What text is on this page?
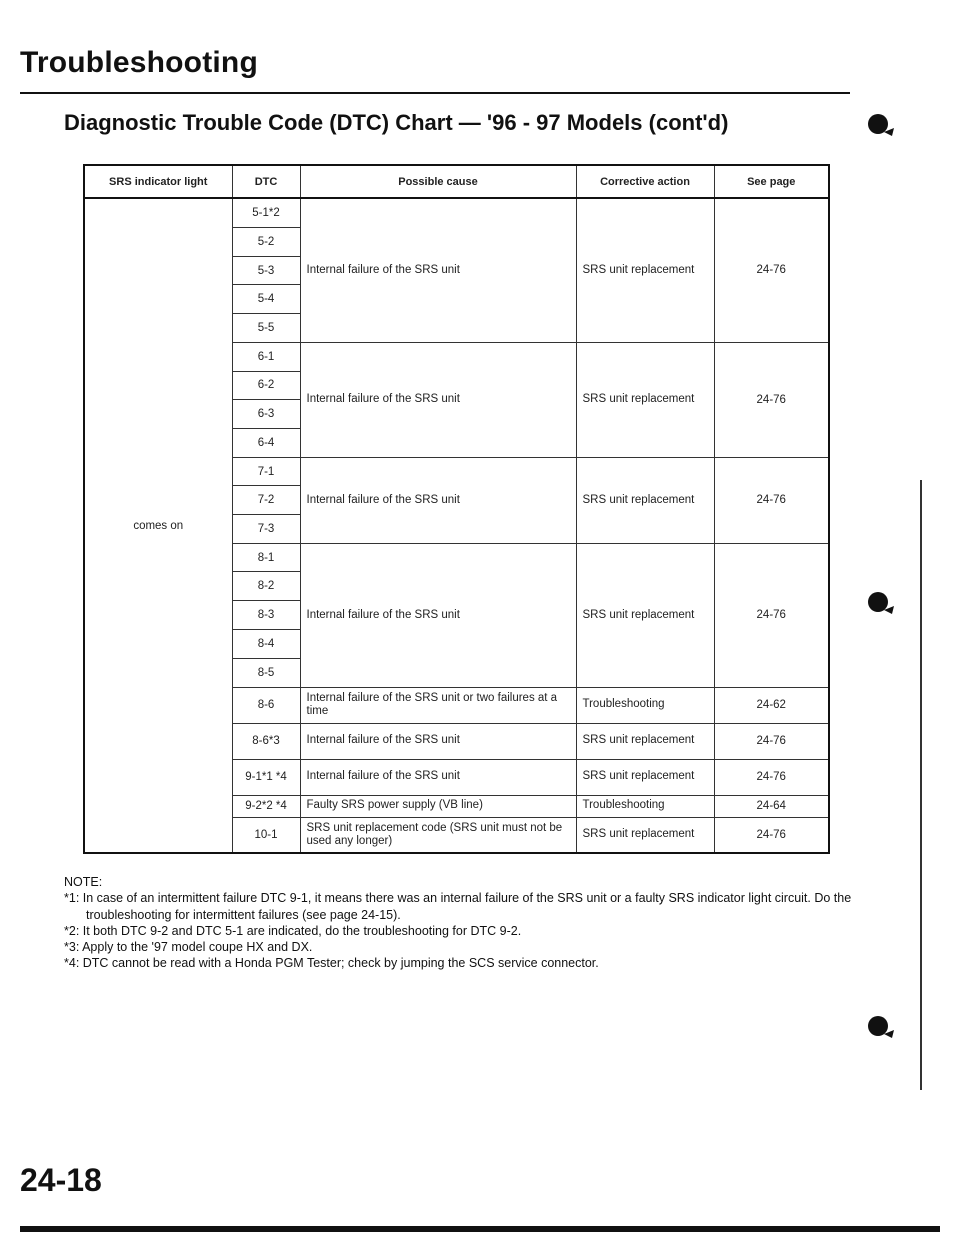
Troubleshooting
Diagnostic Trouble Code (DTC) Chart — '96 - 97 Models (cont'd)
SRS indicator light	DTC	Possible cause	Corrective action	See page
comes on	5-1*2	Internal failure of the SRS unit	SRS unit replacement	24-76
	5-2			
	5-3			
	5-4			
	5-5			
	6-1	Internal failure of the SRS unit	SRS unit replacement	24-76
	6-2			
	6-3			
	6-4			
	7-1	Internal failure of the SRS unit	SRS unit replacement	24-76
	7-2			
	7-3			
	8-1	Internal failure of the SRS unit	SRS unit replacement	24-76
	8-2			
	8-3			
	8-4			
	8-5			
	8-6	Internal failure of the SRS unit or two failures at a time	Troubleshooting	24-62
	8-6*3	Internal failure of the SRS unit	SRS unit replacement	24-76
	9-1*1 *4	Internal failure of the SRS unit	SRS unit replacement	24-76
	9-2*2 *4	Faulty SRS power supply (VB line)	Troubleshooting	24-64
	10-1	SRS unit replacement code (SRS unit must not be used any longer)	SRS unit replacement	24-76
NOTE:
*1: In case of an intermittent failure DTC 9-1, it means there was an internal failure of the SRS unit or a faulty SRS indicator light circuit. Do the troubleshooting for intermittent failures (see page 24-15).
*2: It both DTC 9-2 and DTC 5-1 are indicated, do the troubleshooting for DTC 9-2.
*3: Apply to the '97 model coupe HX and DX.
*4: DTC cannot be read with a Honda PGM Tester; check by jumping the SCS service connector.
24-18
